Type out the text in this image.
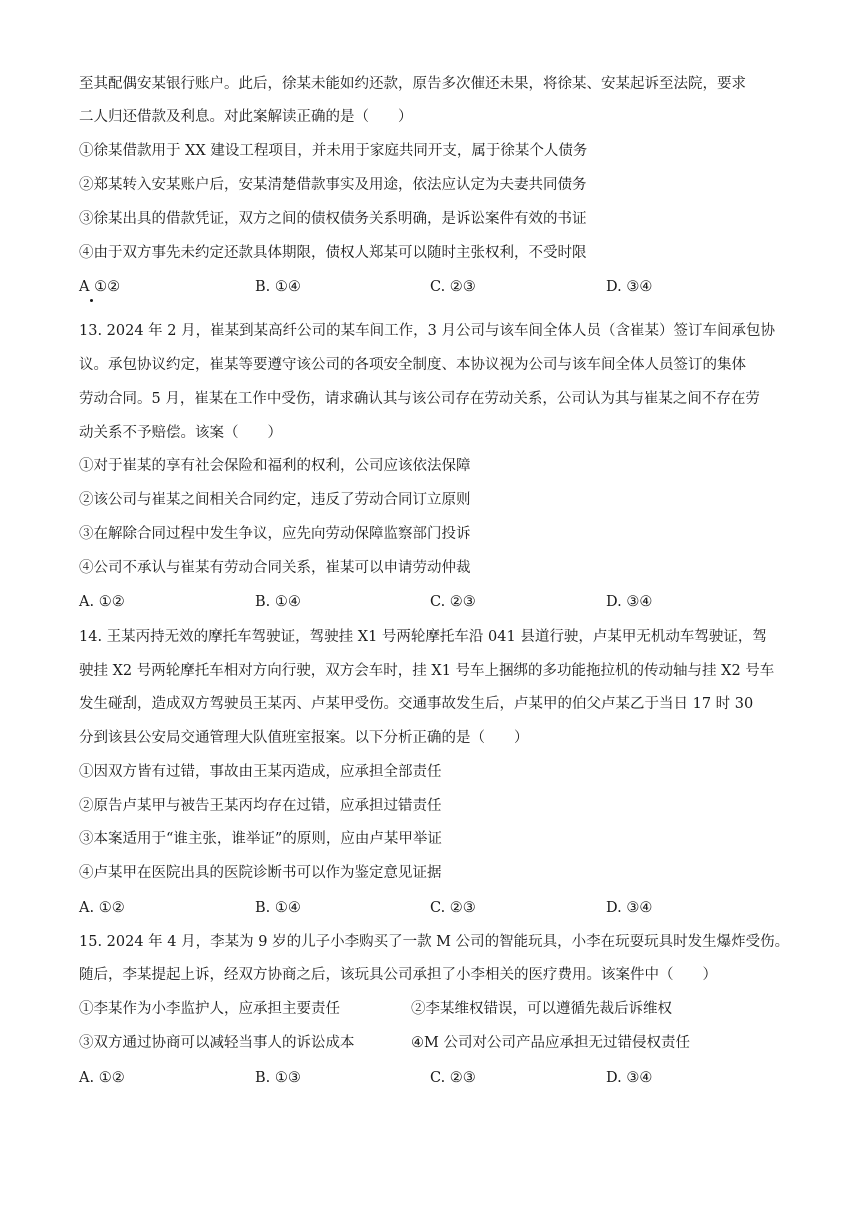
至其配偶安某银行账户。此后，徐某未能如约还款，原告多次催还未果，将徐某、安某起诉至法院，要求
二人归还借款及利息。对此案解读正确的是（　　）
①徐某借款用于 XX 建设工程项目，并未用于家庭共同开支，属于徐某个人债务
②郑某转入安某账户后，安某清楚借款事实及用途，依法应认定为夫妻共同债务
③徐某出具的借款凭证，双方之间的债权债务关系明确，是诉讼案件有效的书证
④由于双方事先未约定还款具体期限，债权人郑某可以随时主张权利，不受时限
A ①②	B. ①④	C. ②③	D. ③④
13. 2024 年 2 月，崔某到某高纤公司的某车间工作，3 月公司与该车间全体人员（含崔某）签订车间承包协
议。承包协议约定，崔某等要遵守该公司的各项安全制度、本协议视为公司与该车间全体人员签订的集体
劳动合同。5 月，崔某在工作中受伤，请求确认其与该公司存在劳动关系，公司认为其与崔某之间不存在劳
动关系不予赔偿。该案（　　）
①对于崔某的享有社会保险和福利的权利，公司应该依法保障
②该公司与崔某之间相关合同约定，违反了劳动合同订立原则
③在解除合同过程中发生争议，应先向劳动保障监察部门投诉
④公司不承认与崔某有劳动合同关系，崔某可以申请劳动仲裁
A. ①②	B. ①④	C. ②③	D. ③④
14. 王某丙持无效的摩托车驾驶证，驾驶挂 X1 号两轮摩托车沿 041 县道行驶，卢某甲无机动车驾驶证，驾
驶挂 X2 号两轮摩托车相对方向行驶，双方会车时，挂 X1 号车上捆绑的多功能拖拉机的传动轴与挂 X2 号车
发生碰刮，造成双方驾驶员王某丙、卢某甲受伤。交通事故发生后，卢某甲的伯父卢某乙于当日 17 时 30
分到该县公安局交通管理大队值班室报案。以下分析正确的是（　　）
①因双方皆有过错，事故由王某丙造成，应承担全部责任
②原告卢某甲与被告王某丙均存在过错，应承担过错责任
③本案适用于“谁主张，谁举证”的原则，应由卢某甲举证
④卢某甲在医院出具的医院诊断书可以作为鉴定意见证据
A. ①②	B. ①④	C. ②③	D. ③④
15. 2024 年 4 月，李某为 9 岁的儿子小李购买了一款 M 公司的智能玩具，小李在玩耍玩具时发生爆炸受伤。
随后，李某提起上诉，经双方协商之后，该玩具公司承担了小李相关的医疗费用。该案件中（　　）
①李某作为小李监护人，应承担主要责任	②李某维权错误，可以遵循先裁后诉维权
③双方通过协商可以减轻当事人的诉讼成本	④M 公司对公司产品应承担无过错侵权责任
A. ①②	B. ①③	C. ②③	D. ③④
